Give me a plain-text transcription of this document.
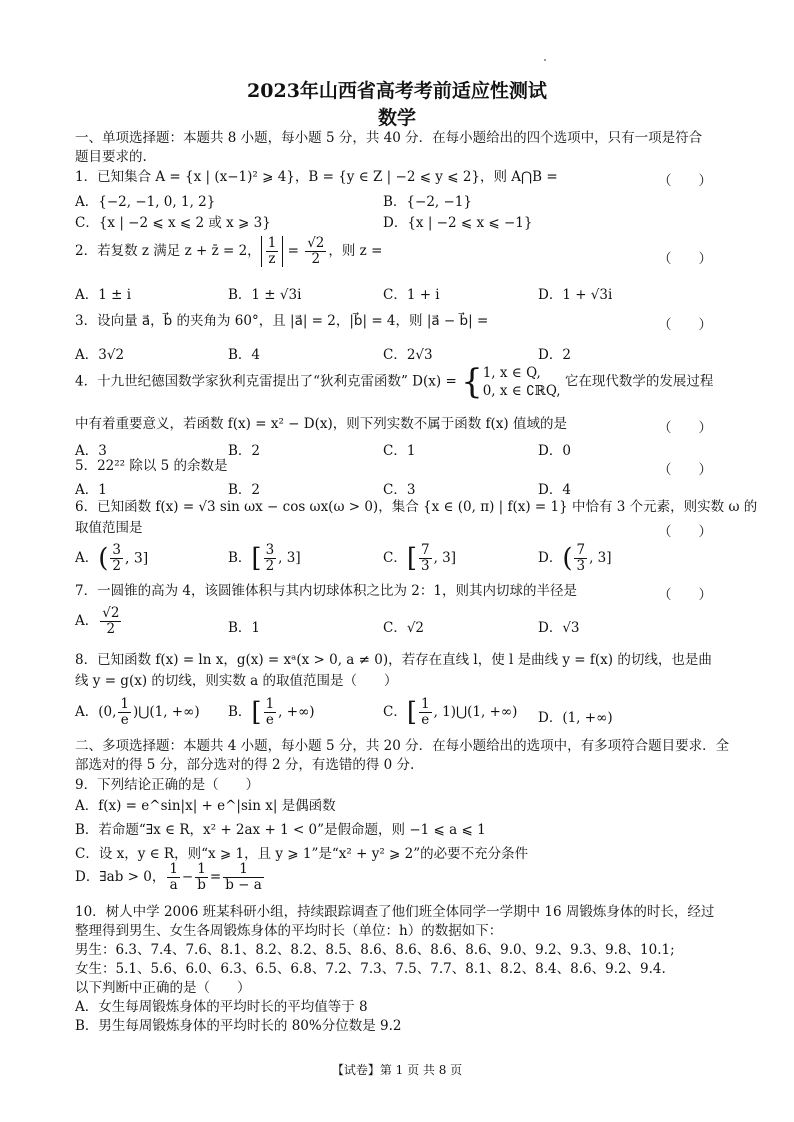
2023年山西省高考考前适应性测试
数学
一、单项选择题：本题共 8 小题，每小题 5 分，共 40 分．在每小题给出的四个选项中，只有一项是符合
题目要求的.
1．已知集合 A = {x | (x−1)² ⩾ 4}，B = {y ∈ Z | −2 ⩽ y ⩽ 2}，则 A⋂B =	（　　）
A．{−2, −1, 0, 1, 2}	B．{−2, −1}
C．{x | −2 ⩽ x ⩽ 2 或 x ⩾ 3}	D．{x | −2 ⩽ x ⩽ −1}
2．若复数 z 满足 z + z̄ = 2， $\frac{1}{z} = \frac{√2}{2}$ ，则 z =
（　　）
A．1 ± i	B．1 ± √3i	C．1 + i	D．1 + √3i
3．设向量 a⃗，b⃗ 的夹角为 60°，且 |a⃗| = 2，|b⃗| = 4，则 |a⃗ − b⃗| =	（　　）
A．3√2	B．4	C．2√3	D．2
4．十九世纪德国数学家狄利克雷提出了“狄利克雷函数” D(x) = { 1, x ∈ Q,
0, x ∈ ∁ℝQ,
它在现代数学的发展过程
中有着重要意义，若函数 f(x) = x² − D(x)，则下列实数不属于函数 f(x) 值域的是	（　　）
A．3	B．2	C．1	D．0
5．22²² 除以 5 的余数是	（　　）
A．1	B．2	C．3	D．4
6．已知函数 f(x) = √3 sin ωx − cos ωx(ω > 0)，集合 {x ∈ (0, π) | f(x) = 1} 中恰有 3 个元素，则实数 ω 的
取值范围是	（　　）
A．( $\frac{3}{2}$ , 3]	B．[ $\frac{3}{2}$ , 3]	C．[ $\frac{7}{3}$ , 3]	D．( $\frac{7}{3}$ , 3]
7．一圆锥的高为 4，该圆锥体积与其内切球体积之比为 2：1，则其内切球的半径是	（　　）
A． $\frac{√2}{2}$	B．1	C．√2	D．√3
8．已知函数 f(x) = ln x，g(x) = xᵃ(x > 0, a ≠ 0)，若存在直线 l，使 l 是曲线 y = f(x) 的切线，也是曲
线 y = g(x) 的切线，则实数 a 的取值范围是（　　）
A．(0, $\frac{1}{e}$ )⋃(1, +∞) B．[ $\frac{1}{e}$ , +∞)	C．[ $\frac{1}{e}$ , 1)⋃(1, +∞) D．(1, +∞)
二、多项选择题：本题共 4 小题，每小题 5 分，共 20 分．在每小题给出的选项中，有多项符合题目要求．全
部选对的得 5 分，部分选对的得 2 分，有选错的得 0 分.
9．下列结论正确的是（　　）
A．f(x) = e^sin|x| + e^|sin x| 是偶函数
B．若命题“∃x ∈ R，x² + 2ax + 1 < 0”是假命题，则 −1 ⩽ a ⩽ 1
C．设 x，y ∈ R，则“x ⩾ 1，且 y ⩾ 1”是“x² + y² ⩾ 2”的必要不充分条件
D．∃ab > 0， $\frac{1}{a} - \frac{1}{b} = \frac{1}{b - a}$
10．树人中学 2006 班某科研小组，持续跟踪调查了他们班全体同学一学期中 16 周锻炼身体的时长，经过
整理得到男生、女生各周锻炼身体的平均时长（单位：h）的数据如下：
男生：6.3、7.4、7.6、8.1、8.2、8.2、8.5、8.6、8.6、8.6、8.6、9.0、9.2、9.3、9.8、10.1;
女生：5.1、5.6、6.0、6.3、6.5、6.8、7.2、7.3、7.5、7.7、8.1、8.2、8.4、8.6、9.2、9.4.
以下判断中正确的是（　　）
A．女生每周锻炼身体的平均时长的平均值等于 8
B．男生每周锻炼身体的平均时长的 80%分位数是 9.2
【试卷】第 1 页 共 8 页
